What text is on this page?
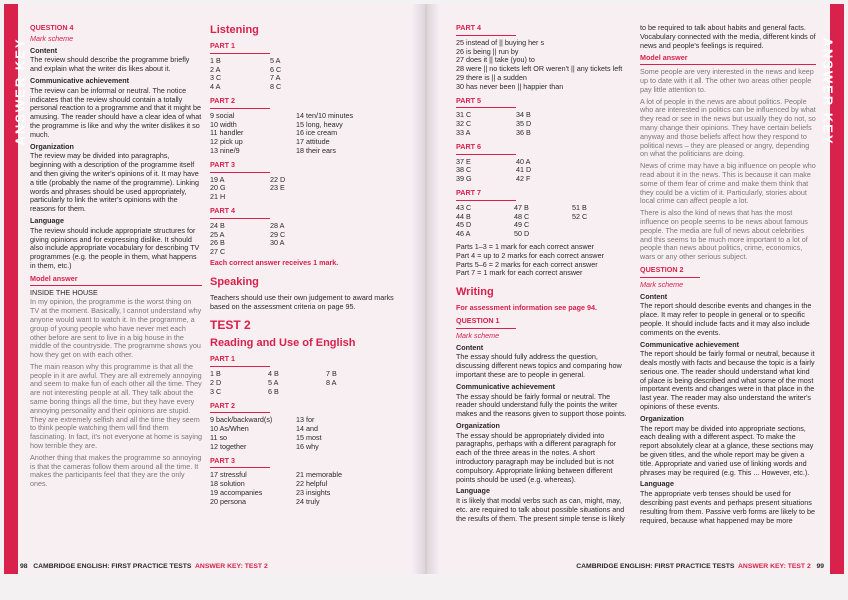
ANSWER KEY
QUESTION 4
Mark scheme
Content
The review should describe the programme briefly and explain what the writer dis likes about it.
Communicative achievement
The review can be informal or neutral. The notice indicates that the review should contain a totally personal reaction to a programme and that it might be amusing. The reader should have a clear idea of what the programme is like and why the writer dislikes it so much.
Organization
The review may be divided into paragraphs, beginning with a description of the programme itself and then giving the writer's opinions of it. It may have a title (probably the name of the programme). Linking words and phrases should be used appropriately, particularly to link the writer's opinions with the reasons for them.
Language
The review should include appropriate structures for giving opinions and for expressing dislike. It should also include appropriate vocabulary for describing TV programmes (e.g. the people in them, what happens in them, etc.)
Model answer
INSIDE THE HOUSE
In my opinion, the programme is the worst thing on TV at the moment. Basically, I cannot understand why anyone would want to watch it. In the programme, a group of young people who have never met each other before are sent to live in a big house in the middle of the countryside. The programme shows you how they get on with each other.
The main reason why this programme is that all the people in it are awful. They are all extremely annoying and seem to make fun of each other all the time. They are not interesting people at all. They talk about the same boring things all the time, but they have every annoying personality and their opinions are stupid. They are extremely selfish and all the time they seem to think people watching them will find them fascinating. In fact, it's not everyone at home is saying how terrible they are.
Another thing that makes the programme so annoying is that the cameras follow them around all the time. It makes the participants feel that they are the only ones.
Listening
PART 1
1 B	5 A
2 A	6 C
3 C	7 A
4 A	8 C
PART 2
9 social	14 ten/10 minutes
10 width	15 long, heavy
11 handler	16 ice cream
12 pick up	17 attitude
13 nine/9	18 their ears
PART 3
19 A	22 D
20 G	23 E
21 H
PART 4
24 B	28 A
25 A	29 C
26 B	30 A
27 C
Each correct answer receives 1 mark.
Speaking
Teachers should use their own judgement to award marks based on the assessment criteria on page 95.
TEST 2
Reading and Use of English
PART 1
1 B	4 B	7 B
2 D	5 A	8 A
3 C	6 B
PART 2
9 back/backward(s)	13 for
10 As/When	14 and
11 so	15 most
12 together	16 why
PART 3
17 stressful	21 memorable
18 solution	22 helpful
19 accompanies	23 insights
20 persona	24 truly
98 CAMBRIDGE ENGLISH: FIRST PRACTICE TESTS ANSWER KEY: TEST 2
ANSWER KEY
PART 4
25 instead of || buying her s
26 is being || run by
27 does it || take (you) to
28 were || no tickets left OR weren't || any tickets left
29 there is || a sudden
30 has never been || happier than
PART 5
31 C	34 B
32 C	35 D
33 A	36 B
PART 6
37 E	40 A
38 C	41 D
39 G	42 F
PART 7
43 C	47 B	51 B
44 B	48 C	52 C
45 D	49 C
46 A	50 D
Parts 1–3 = 1 mark for each correct answer
Part 4 = up to 2 marks for each correct answer
Parts 5–6 = 2 marks for each correct answer
Part 7 = 1 mark for each correct answer
Writing
For assessment information see page 94.
QUESTION 1
Mark scheme
Content
The essay should fully address the question, discussing different news topics and comparing how important these are to people in general.
Communicative achievement
The essay should be fairly formal or neutral. The reader should understand fully the points the writer makes and the reasons given to support those points.
Organization
The essay should be appropriately divided into paragraphs, perhaps with a different paragraph for each of the three areas in the notes. A short introductory paragraph may be included but is not compulsory. Appropriate linking between different points should be used (e.g. whereas).
Language
It is likely that modal verbs such as can, might, may, etc. are required to talk about possible situations and the results of them. The present simple tense is likely
to be required to talk about habits and general facts. Vocabulary connected with the media, different kinds of news and people's feelings is required.
Model answer
Some people are very interested in the news and keep up to date with it all. The other two areas other people pay little attention to.
A lot of people in the news are about politics. People who are interested in politics can be influenced by what they read or see in the news but usually they do not, so many change their opinions. They have certain beliefs anyway and those beliefs affect how they respond to political news – they are pleased or angry, depending on what the politicians are doing.
News of crime may have a big influence on people who read about it in the news. This is because it can make some of them fear of crime and make them think that they could be a victim of it. Particularly, stories about local crime can affect people a lot.
There is also the kind of news that has the most influence on people seems to be news about famous people. The media are full of news about celebrities and this seems to be much more important to a lot of people than news about politics, crime, economics, wars or any other serious subject.
QUESTION 2
Mark scheme
Content
The report should describe events and changes in the place. It may refer to people in general or to specific people. It should include facts and it may also include comments on the events.
Communicative achievement
The report should be fairly formal or neutral, because it deals mostly with facts and because the topic is a fairly serious one. The reader should understand what kind of place is being described and what some of the most important events and changes were in that place in the last year. The reader may also understand the writer's opinions of these events.
Organization
The report may be divided into appropriate sections, each dealing with a different aspect. To make the report absolutely clear at a glance, these sections may be given titles, and the whole report may be given a title. Appropriate and varied use of linking words and phrases may be required (e.g. This ... However, etc.).
Language
The appropriate verb tenses should be used for describing past events and perhaps present situations resulting from them. Passive verb forms are likely to be required, because what happened may be more
CAMBRIDGE ENGLISH: FIRST PRACTICE TESTS ANSWER KEY: TEST 2 99
